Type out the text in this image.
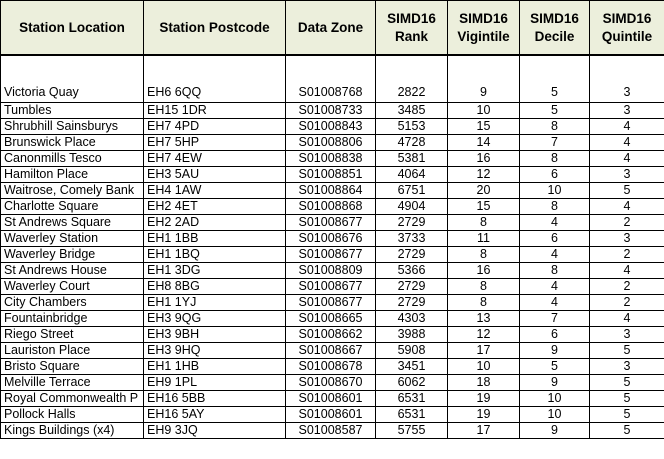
Station Location	Station Postcode	Data Zone	SIMD16 Rank	SIMD16 Vigintile	SIMD16 Decile	SIMD16 Quintile
Victoria Quay	EH6 6QQ	S01008768	2822	9	5	3
Tumbles	EH15 1DR	S01008733	3485	10	5	3
Shrubhill Sainsburys	EH7 4PD	S01008843	5153	15	8	4
Brunswick Place	EH7 5HP	S01008806	4728	14	7	4
Canonmills Tesco	EH7 4EW	S01008838	5381	16	8	4
Hamilton Place	EH3 5AU	S01008851	4064	12	6	3
Waitrose, Comely Bank	EH4 1AW	S01008864	6751	20	10	5
Charlotte Square	EH2 4ET	S01008868	4904	15	8	4
St Andrews Square	EH2 2AD	S01008677	2729	8	4	2
Waverley Station	EH1 1BB	S01008676	3733	11	6	3
Waverley Bridge	EH1 1BQ	S01008677	2729	8	4	2
St Andrews House	EH1 3DG	S01008809	5366	16	8	4
Waverley Court	EH8 8BG	S01008677	2729	8	4	2
City Chambers	EH1 1YJ	S01008677	2729	8	4	2
Fountainbridge	EH3 9QG	S01008665	4303	13	7	4
Riego Street	EH3 9BH	S01008662	3988	12	6	3
Lauriston Place	EH3 9HQ	S01008667	5908	17	9	5
Bristo Square	EH1 1HB	S01008678	3451	10	5	3
Melville Terrace	EH9 1PL	S01008670	6062	18	9	5
Royal Commonwealth P	EH16 5BB	S01008601	6531	19	10	5
Pollock Halls	EH16 5AY	S01008601	6531	19	10	5
Kings Buildings (x4)	EH9 3JQ	S01008587	5755	17	9	5
